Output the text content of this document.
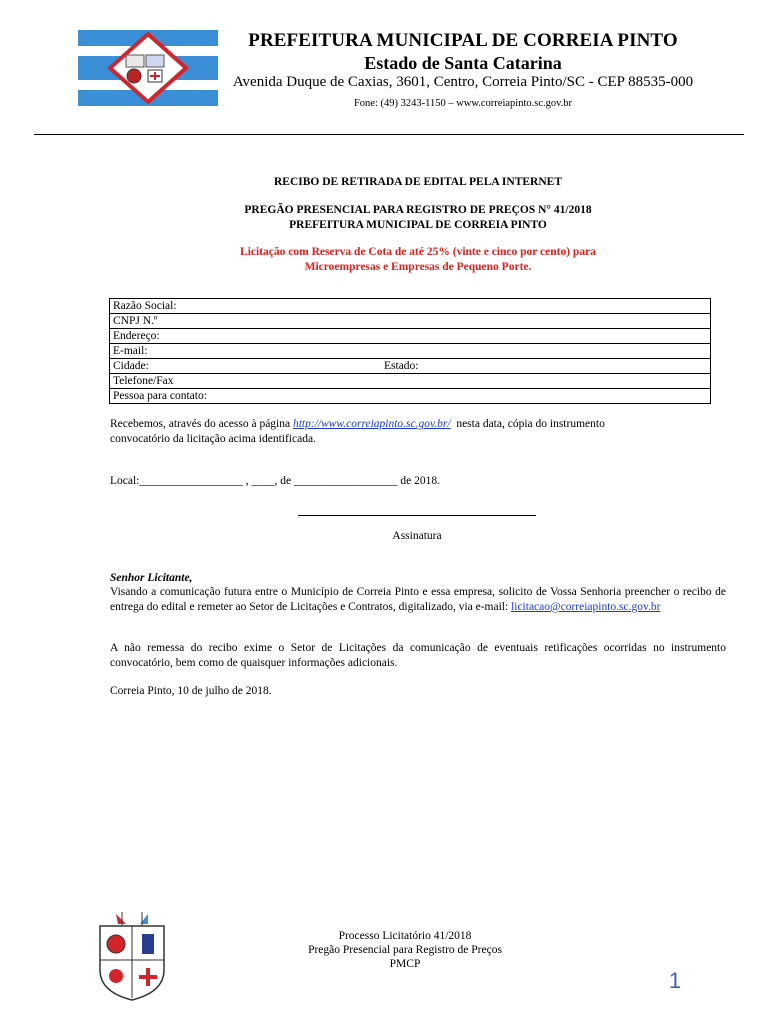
PREFEITURA MUNICIPAL DE CORREIA PINTO
Estado de Santa Catarina
Avenida Duque de Caxias, 3601, Centro, Correia Pinto/SC - CEP 88535-000
Fone: (49) 3243-1150 – www.correiapinto.sc.gov.br
RECIBO DE RETIRADA DE EDITAL PELA INTERNET
PREGÃO PRESENCIAL PARA REGISTRO DE PREÇOS N° 41/2018
PREFEITURA MUNICIPAL DE CORREIA PINTO
Licitação com Reserva de Cota de até 25% (vinte e cinco por cento) para
Microempresas e Empresas de Pequeno Porte.
Razão Social:
CNPJ N.º
Endereço:
E-mail:
Cidade:	Estado:
Telefone/Fax
Pessoa para contato:
Recebemos, através do acesso à página http://www.correiapinto.sc.gov.br/  nesta data, cópia do instrumento
convocatório da licitação acima identificada.
Local:__________________ , ____, de __________________ de 2018.
Assinatura
Senhor Licitante,
Visando a comunicação futura entre o Município de Correia Pinto e essa empresa, solicito de Vossa Senhoria preencher o recibo de entrega do edital e remeter ao Setor de Licitações e Contratos, digitalizado, via e-mail: licitacao@correiapinto.sc.gov.br
A não remessa do recibo exime o Setor de Licitações da comunicação de eventuais retificações ocorridas no instrumento convocatório, bem como de quaisquer informações adicionais.
Correia Pinto, 10 de julho de 2018.
Processo Licitatório 41/2018
Pregão Presencial para Registro de Preços
PMCP
1
